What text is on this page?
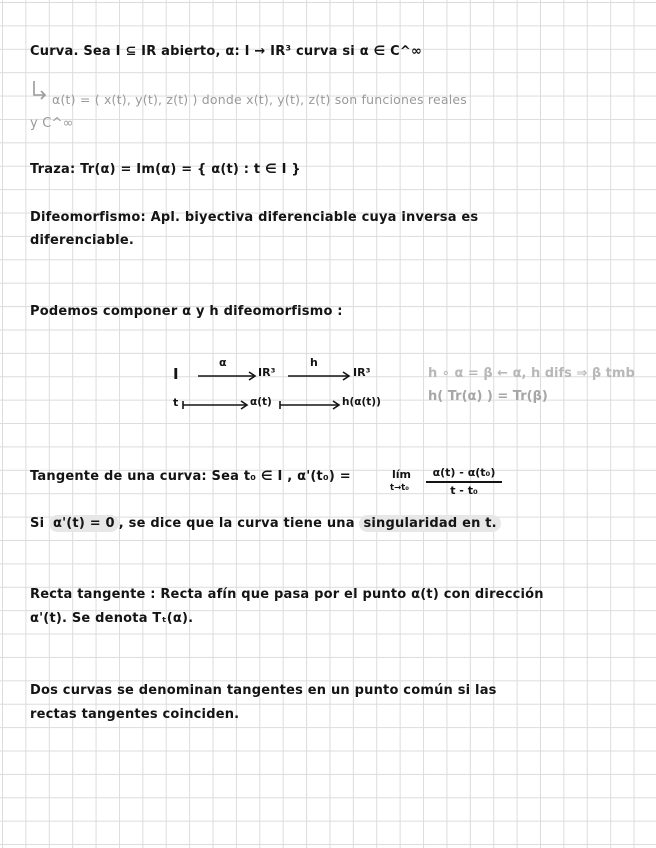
Curva. Sea I ⊆ IR abierto, α: I → IR³ curva si α ∈ C^∞
α(t) = ( x(t), y(t), z(t) ) donde x(t), y(t), z(t) son funciones reales
y C^∞
Traza: Tr(α) = Im(α) = { α(t) : t ∈ I }
Difeomorfismo: Apl. biyectiva diferenciable cuya inversa es
diferenciable.
Podemos componer α y h difeomorfismo :
I
α
IR³
h
IR³
t	α(t)	h(α(t))
h ∘ α = β ← α, h difs ⇒ β tmb
h( Tr(α) ) = Tr(β)
Tangente de una curva: Sea t₀ ∈ I , α'(t₀) =	lím
t→t₀
α(t) - α(t₀)
t - t₀
Si α'(t) = 0 , se dice que la curva tiene una singularidad en t.
Recta tangente : Recta afín que pasa por el punto α(t) con dirección
α'(t). Se denota Tₜ(α).
Dos curvas se denominan tangentes en un punto común si las
rectas tangentes coinciden.
